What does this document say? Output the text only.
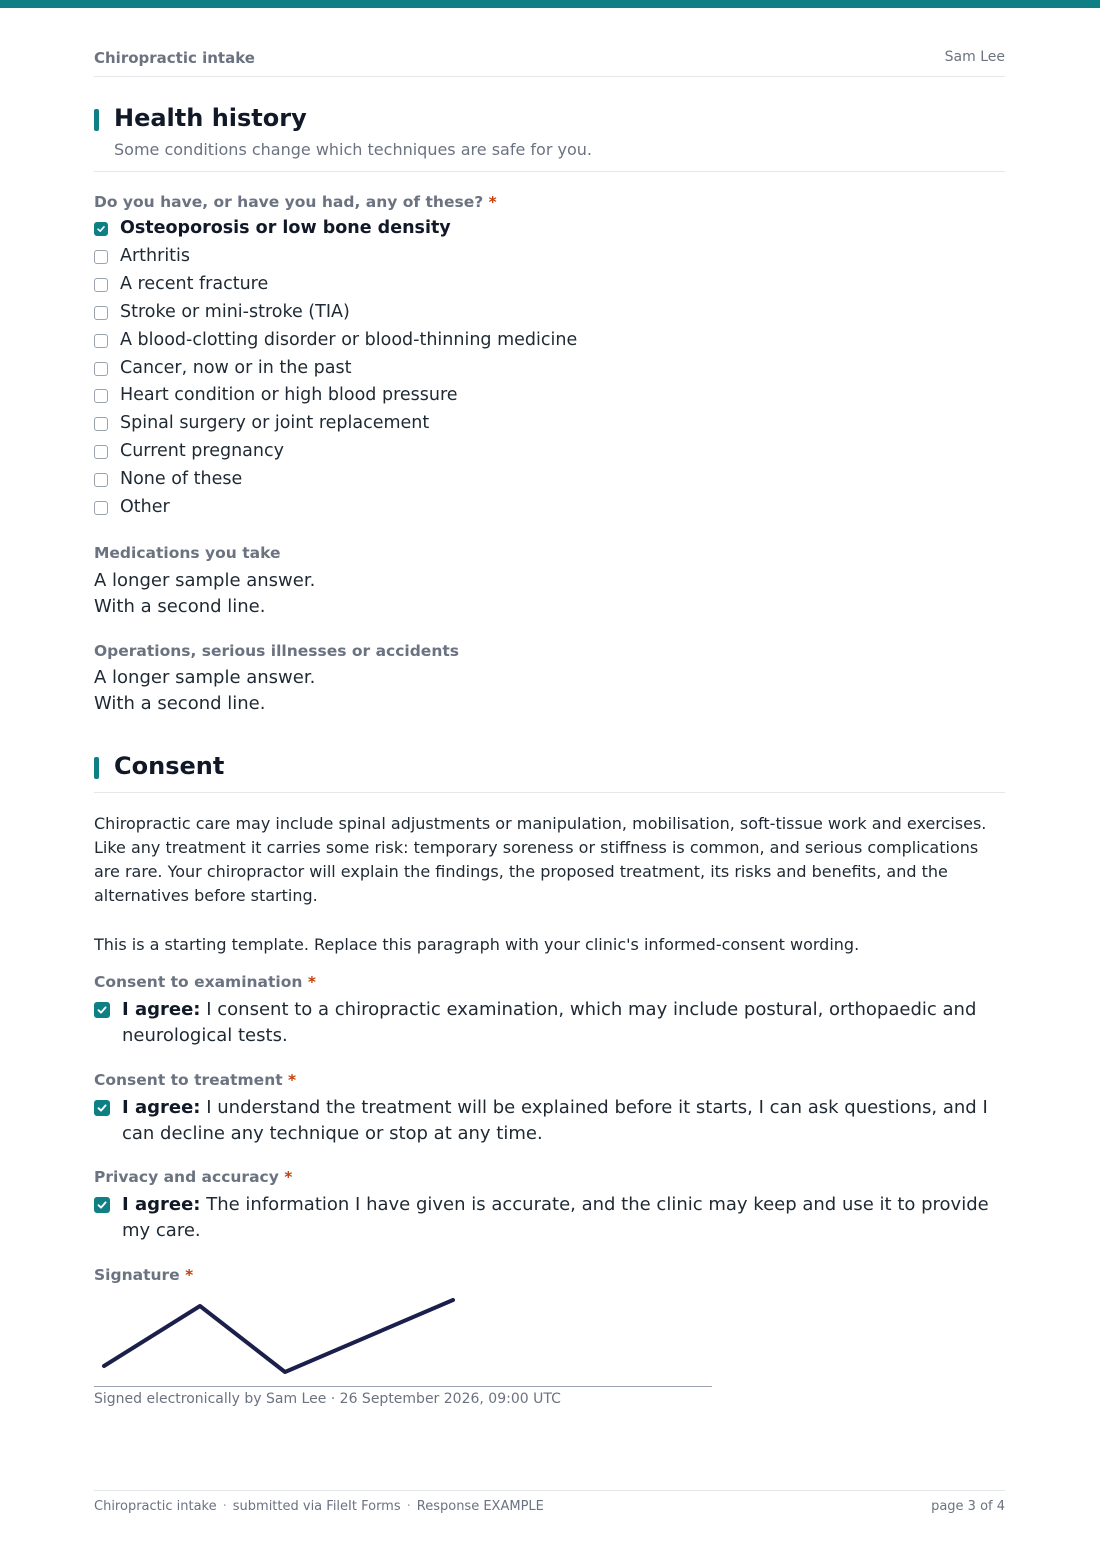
Chiropractic intake	Sam Lee
Health history
Some conditions change which techniques are safe for you.
Do you have, or have you had, any of these? *
Osteoporosis or low bone density
Arthritis
A recent fracture
Stroke or mini-stroke (TIA)
A blood-clotting disorder or blood-thinning medicine
Cancer, now or in the past
Heart condition or high blood pressure
Spinal surgery or joint replacement
Current pregnancy
None of these
Other
Medications you take
A longer sample answer.
With a second line.
Operations, serious illnesses or accidents
A longer sample answer.
With a second line.
Consent
Chiropractic care may include spinal adjustments or manipulation, mobilisation, soft-tissue work and exercises. Like any treatment it carries some risk: temporary soreness or stiffness is common, and serious complications are rare. Your chiropractor will explain the findings, the proposed treatment, its risks and benefits, and the alternatives before starting.
This is a starting template. Replace this paragraph with your clinic's informed-consent wording.
Consent to examination *
I agree: I consent to a chiropractic examination, which may include postural, orthopaedic and neurological tests.
Consent to treatment *
I agree: I understand the treatment will be explained before it starts, I can ask questions, and I can decline any technique or stop at any time.
Privacy and accuracy *
I agree: The information I have given is accurate, and the clinic may keep and use it to provide my care.
Signature *
Signed electronically by Sam Lee · 26 September 2026, 09:00 UTC
Chiropractic intake · submitted via FileIt Forms · Response EXAMPLE	page 3 of 4
